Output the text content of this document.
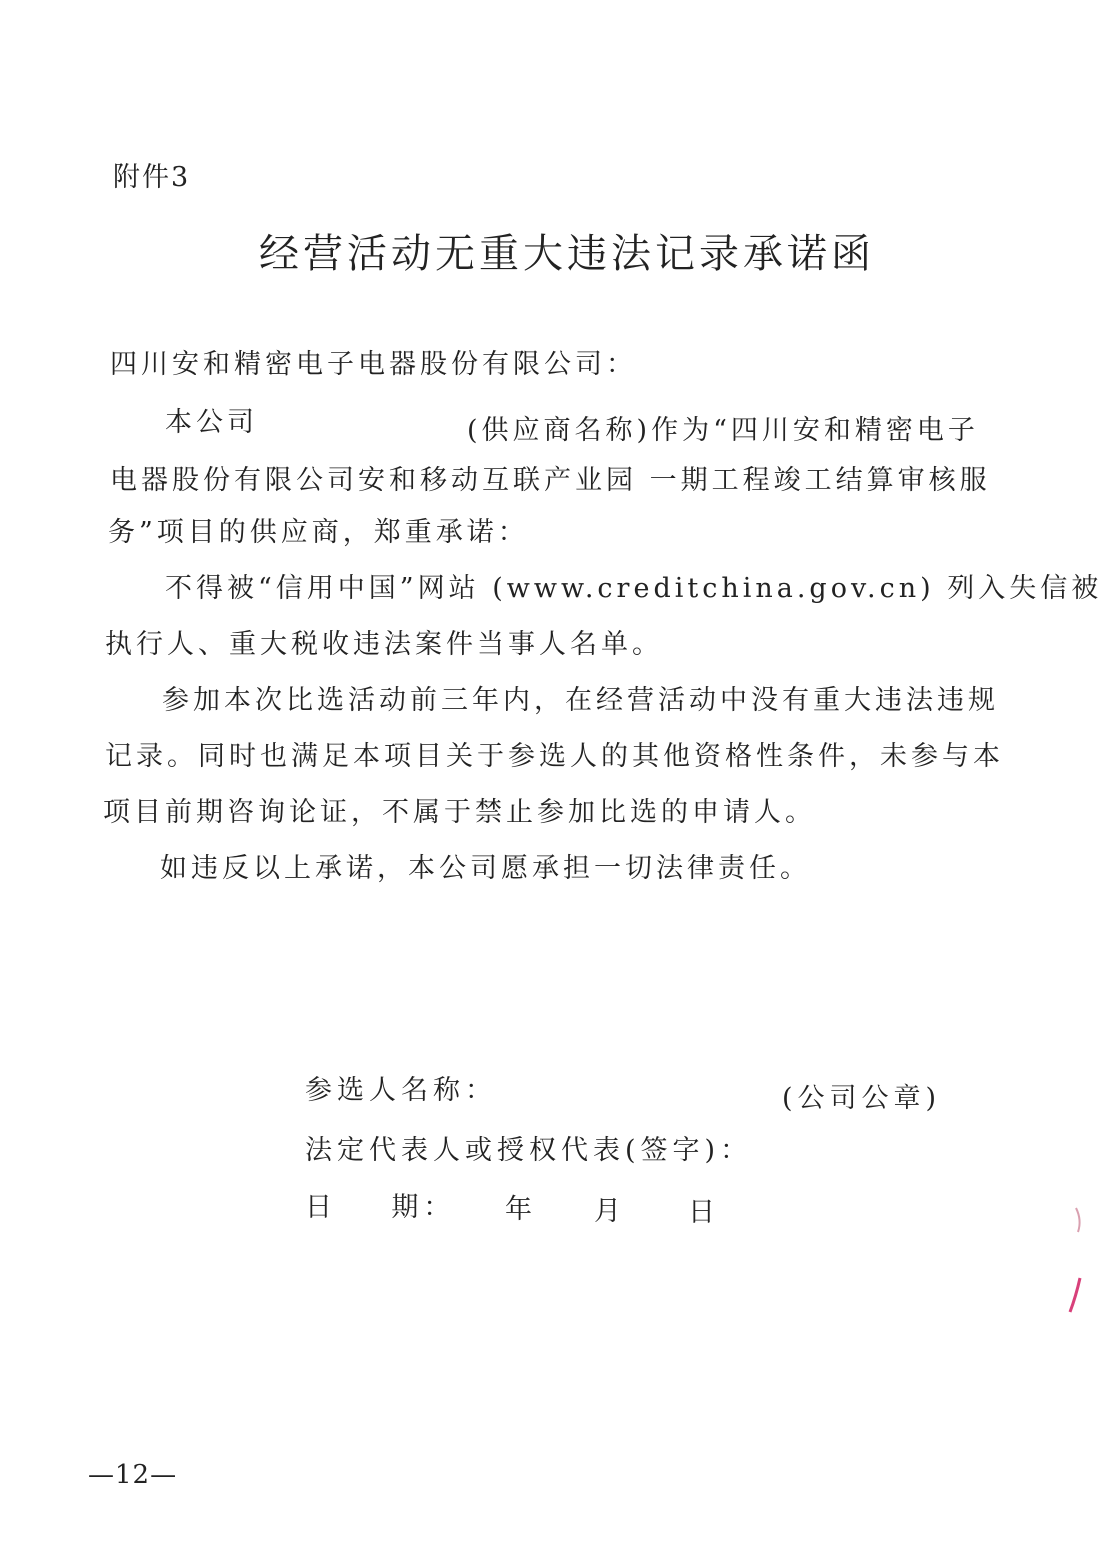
附件3
经营活动无重大违法记录承诺函
四川安和精密电子电器股份有限公司：
本公司	(供应商名称)作为“四川安和精密电子
电器股份有限公司安和移动互联产业园 一期工程竣工结算审核服
务”项目的供应商，郑重承诺：
不得被“信用中国”网站 (www.creditchina.gov.cn) 列入失信被
执行人、重大税收违法案件当事人名单。
参加本次比选活动前三年内，在经营活动中没有重大违法违规
记录。同时也满足本项目关于参选人的其他资格性条件，未参与本
项目前期咨询论证，不属于禁止参加比选的申请人。
如违反以上承诺，本公司愿承担一切法律责任。
参选人名称：	(公司公章)
法定代表人或授权代表(签字)：
日    期： 年 月 日
—12—
